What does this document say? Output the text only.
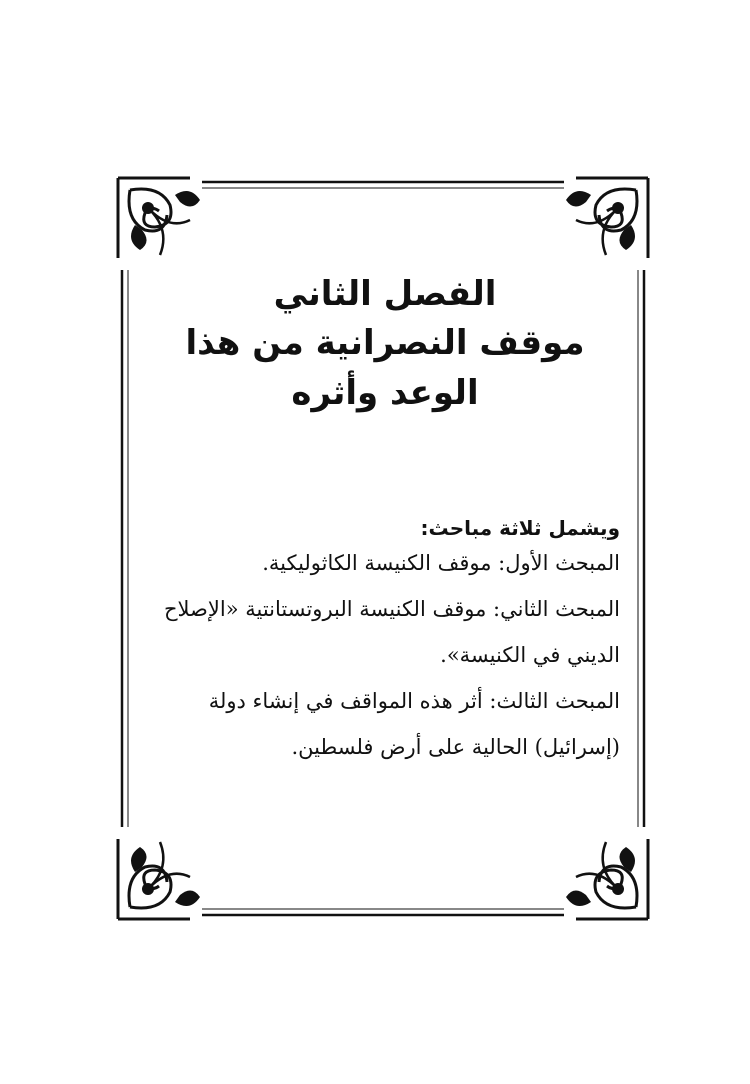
الفصل الثاني
موقف النصرانية من هذا الوعد وأثره

ويشمل ثلاثة مباحث:

المبحث الأول: موقف الكنيسة الكاثوليكية.

المبحث الثاني: موقف الكنيسة البروتستانتية «الإصلاح الديني في الكنيسة».

المبحث الثالث: أثر هذه المواقف في إنشاء دولة (إسرائيل) الحالية على أرض فلسطين.
